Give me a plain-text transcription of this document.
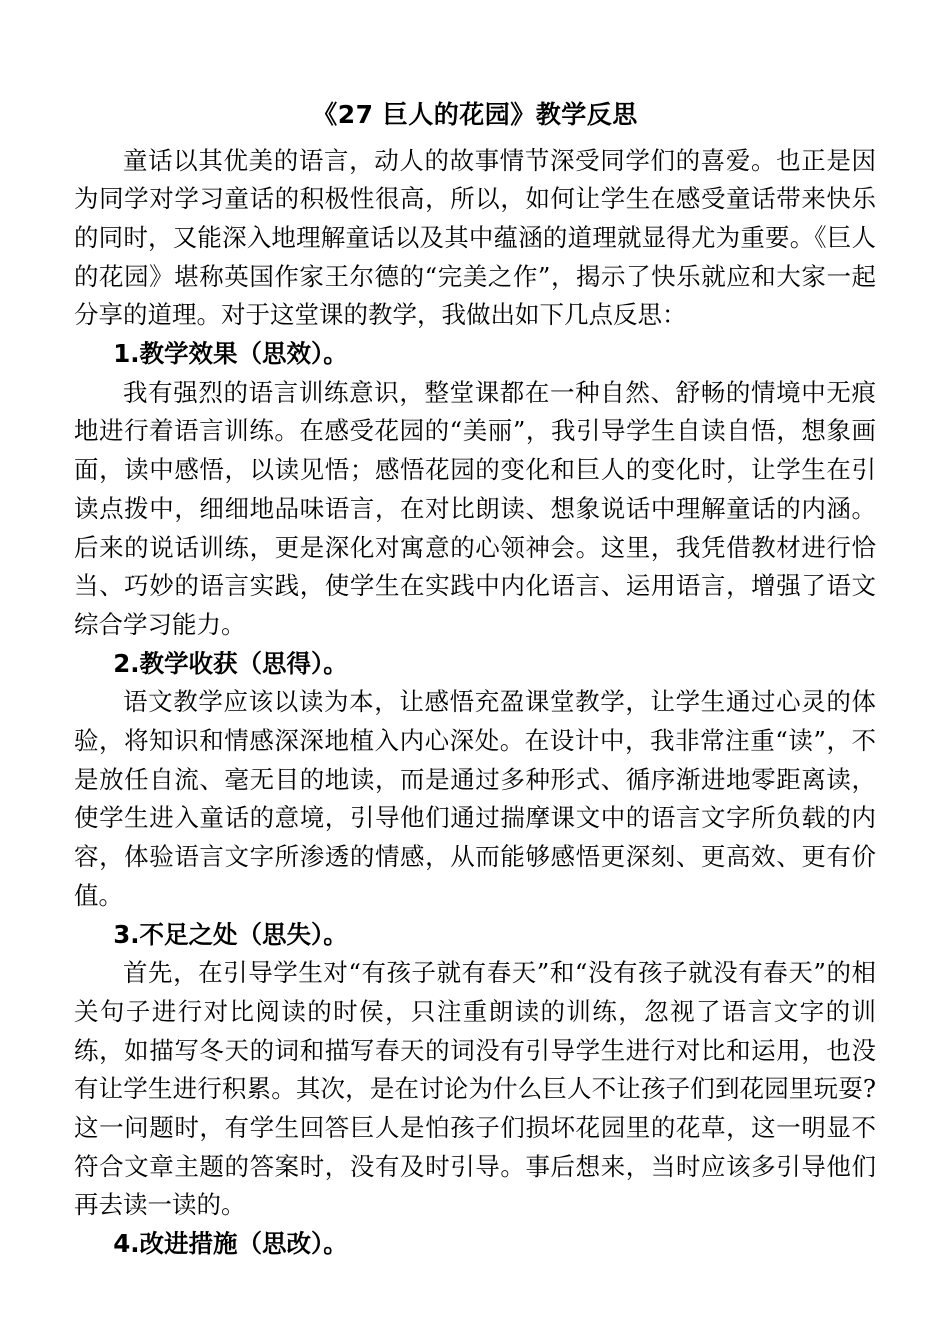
《27 巨人的花园》教学反思

童话以其优美的语言，动人的故事情节深受同学们的喜爱。也正是因为同学对学习童话的积极性很高，所以，如何让学生在感受童话带来快乐的同时，又能深入地理解童话以及其中蕴涵的道理就显得尤为重要。《巨人的花园》堪称英国作家王尔德的“完美之作”，揭示了快乐就应和大家一起分享的道理。对于这堂课的教学，我做出如下几点反思：

1.教学效果（思效）。

我有强烈的语言训练意识，整堂课都在一种自然、舒畅的情境中无痕地进行着语言训练。在感受花园的“美丽”，我引导学生自读自悟，想象画面，读中感悟，以读见悟；感悟花园的变化和巨人的变化时，让学生在引读点拨中，细细地品味语言，在对比朗读、想象说话中理解童话的内涵。后来的说话训练，更是深化对寓意的心领神会。这里，我凭借教材进行恰当、巧妙的语言实践，使学生在实践中内化语言、运用语言，增强了语文综合学习能力。

2.教学收获（思得）。

语文教学应该以读为本，让感悟充盈课堂教学，让学生通过心灵的体验，将知识和情感深深地植入内心深处。在设计中，我非常注重“读”，不是放任自流、毫无目的地读，而是通过多种形式、循序渐进地零距离读，使学生进入童话的意境，引导他们通过揣摩课文中的语言文字所负载的内容，体验语言文字所渗透的情感，从而能够感悟更深刻、更高效、更有价值。

3.不足之处（思失）。

首先，在引导学生对“有孩子就有春天”和“没有孩子就没有春天”的相关句子进行对比阅读的时侯，只注重朗读的训练，忽视了语言文字的训练，如描写冬天的词和描写春天的词没有引导学生进行对比和运用，也没有让学生进行积累。其次，是在讨论为什么巨人不让孩子们到花园里玩耍?这一问题时，有学生回答巨人是怕孩子们损坏花园里的花草，这一明显不符合文章主题的答案时，没有及时引导。事后想来，当时应该多引导他们再去读一读的。

4.改进措施（思改）。
